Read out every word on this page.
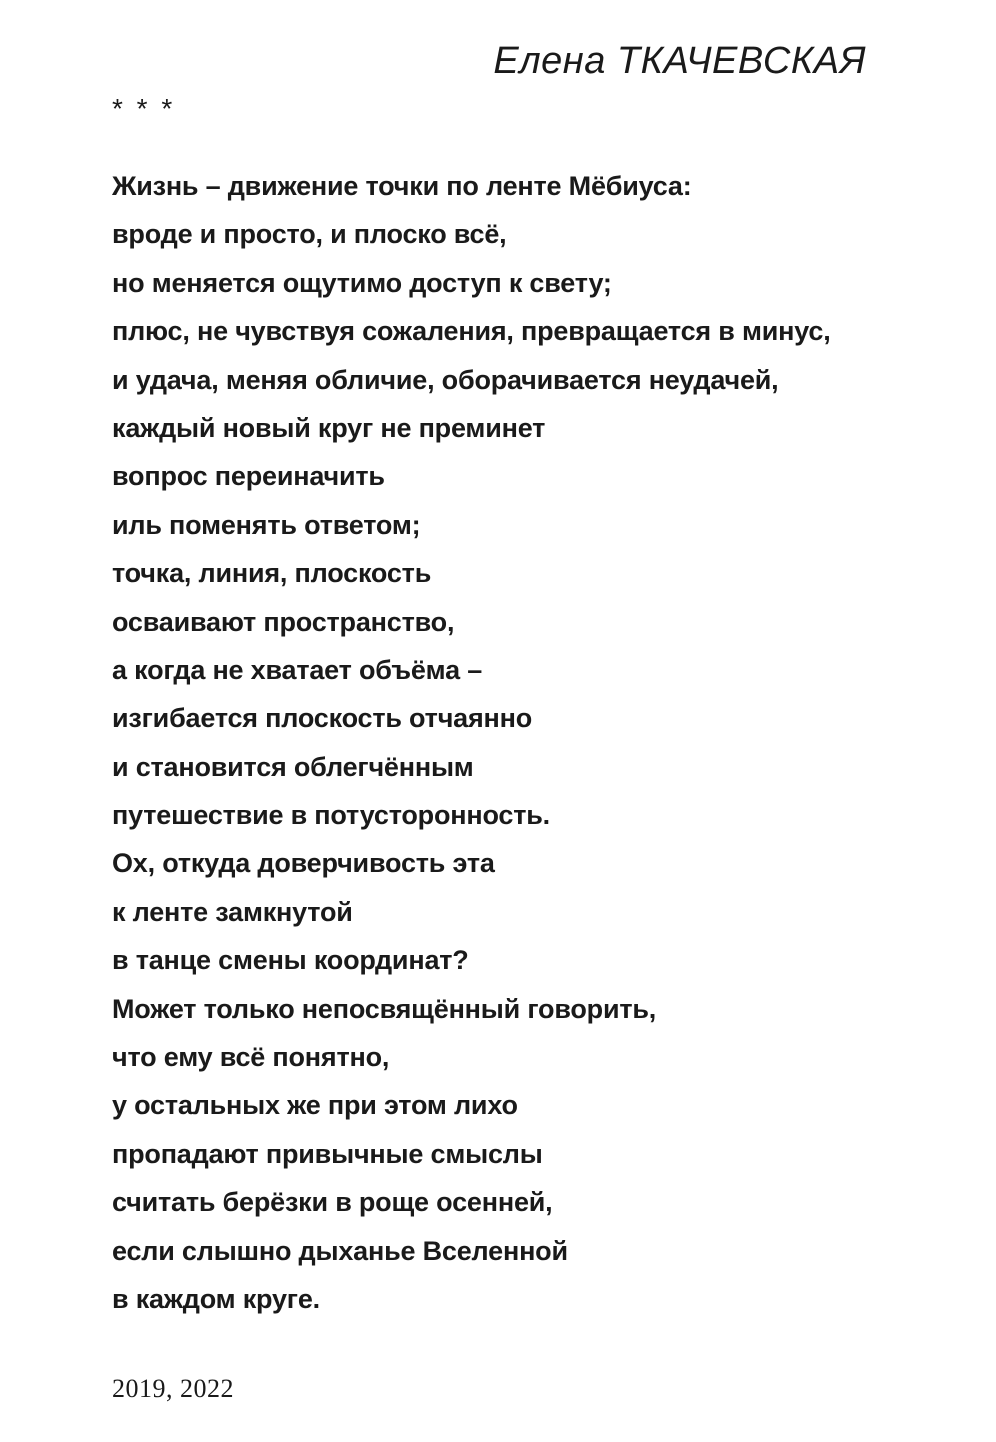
Елена ТКАЧЕВСКАЯ
* * *
Жизнь – движение точки по ленте Мёбиуса:
вроде и просто, и плоско всё,
но меняется ощутимо доступ к свету;
плюс, не чувствуя сожаления, превращается в минус,
и удача, меняя обличие, оборачивается неудачей,
каждый новый круг не преминет
вопрос переиначить
иль поменять ответом;
точка, линия, плоскость
осваивают пространство,
а когда не хватает объёма –
изгибается плоскость отчаянно
и становится облегчённым
путешествие в потусторонность.
Ох, откуда доверчивость эта
к ленте замкнутой
в танце смены координат?
Может только непосвящённый говорить,
что ему всё понятно,
у остальных же при этом лихо
пропадают привычные смыслы
считать берёзки в роще осенней,
если слышно дыханье Вселенной
в каждом круге.
2019, 2022
